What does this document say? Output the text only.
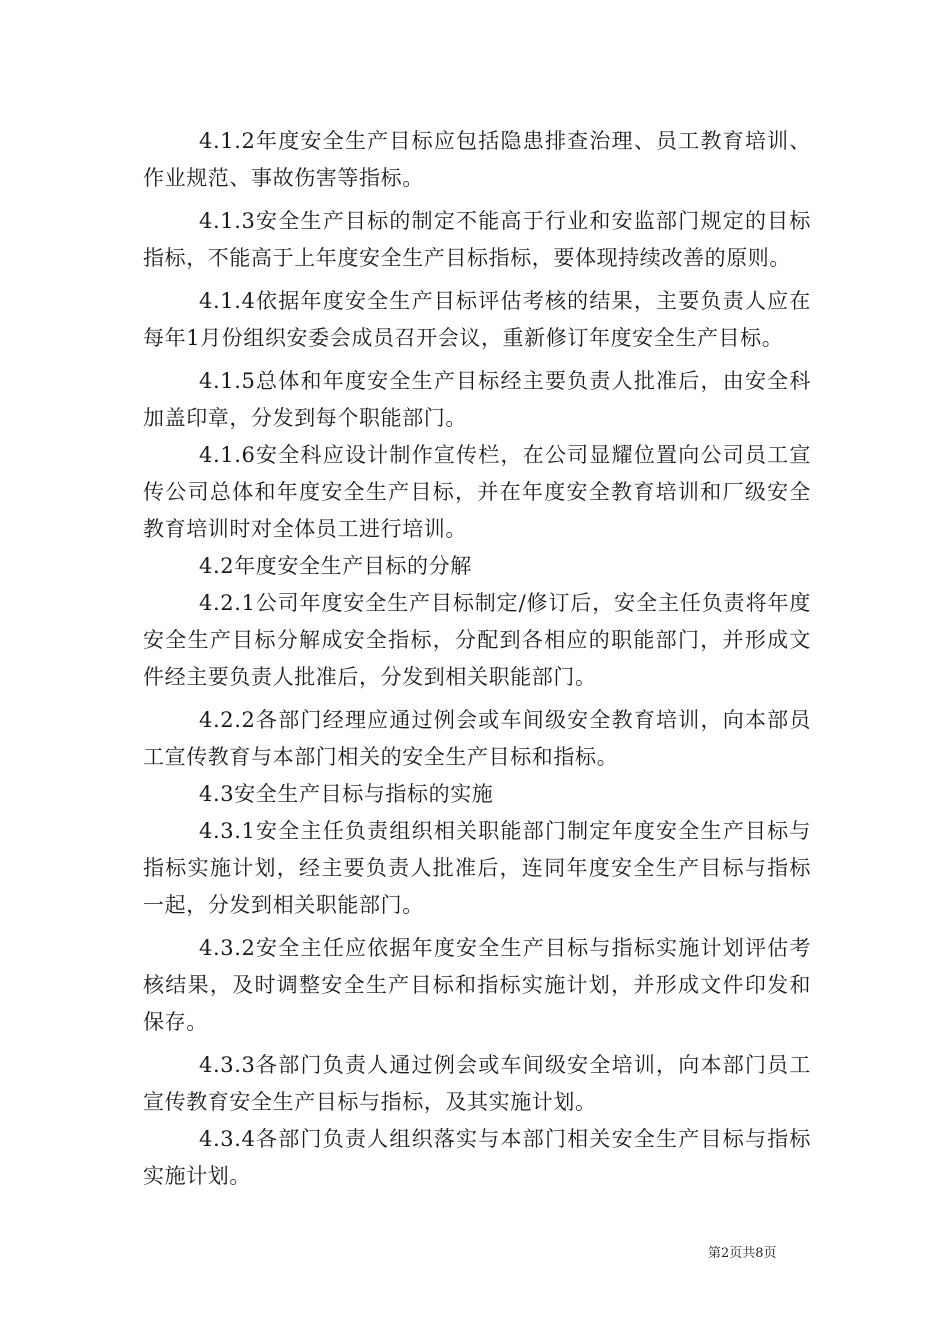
4.1.2年度安全生产目标应包括隐患排查治理、员工教育培训、作业规范、事故伤害等指标。

4.1.3安全生产目标的制定不能高于行业和安监部门规定的目标指标，不能高于上年度安全生产目标指标，要体现持续改善的原则。

4.1.4依据年度安全生产目标评估考核的结果，主要负责人应在每年1月份组织安委会成员召开会议，重新修订年度安全生产目标。

4.1.5总体和年度安全生产目标经主要负责人批准后，由安全科加盖印章，分发到每个职能部门。

4.1.6安全科应设计制作宣传栏，在公司显耀位置向公司员工宣传公司总体和年度安全生产目标，并在年度安全教育培训和厂级安全教育培训时对全体员工进行培训。

4.2年度安全生产目标的分解

4.2.1公司年度安全生产目标制定/修订后，安全主任负责将年度安全生产目标分解成安全指标，分配到各相应的职能部门，并形成文件经主要负责人批准后，分发到相关职能部门。

4.2.2各部门经理应通过例会或车间级安全教育培训，向本部员工宣传教育与本部门相关的安全生产目标和指标。

4.3安全生产目标与指标的实施

4.3.1安全主任负责组织相关职能部门制定年度安全生产目标与指标实施计划，经主要负责人批准后，连同年度安全生产目标与指标一起，分发到相关职能部门。

4.3.2安全主任应依据年度安全生产目标与指标实施计划评估考核结果，及时调整安全生产目标和指标实施计划，并形成文件印发和保存。

4.3.3各部门负责人通过例会或车间级安全培训，向本部门员工宣传教育安全生产目标与指标，及其实施计划。

4.3.4各部门负责人组织落实与本部门相关安全生产目标与指标实施计划。

第2页共8页
